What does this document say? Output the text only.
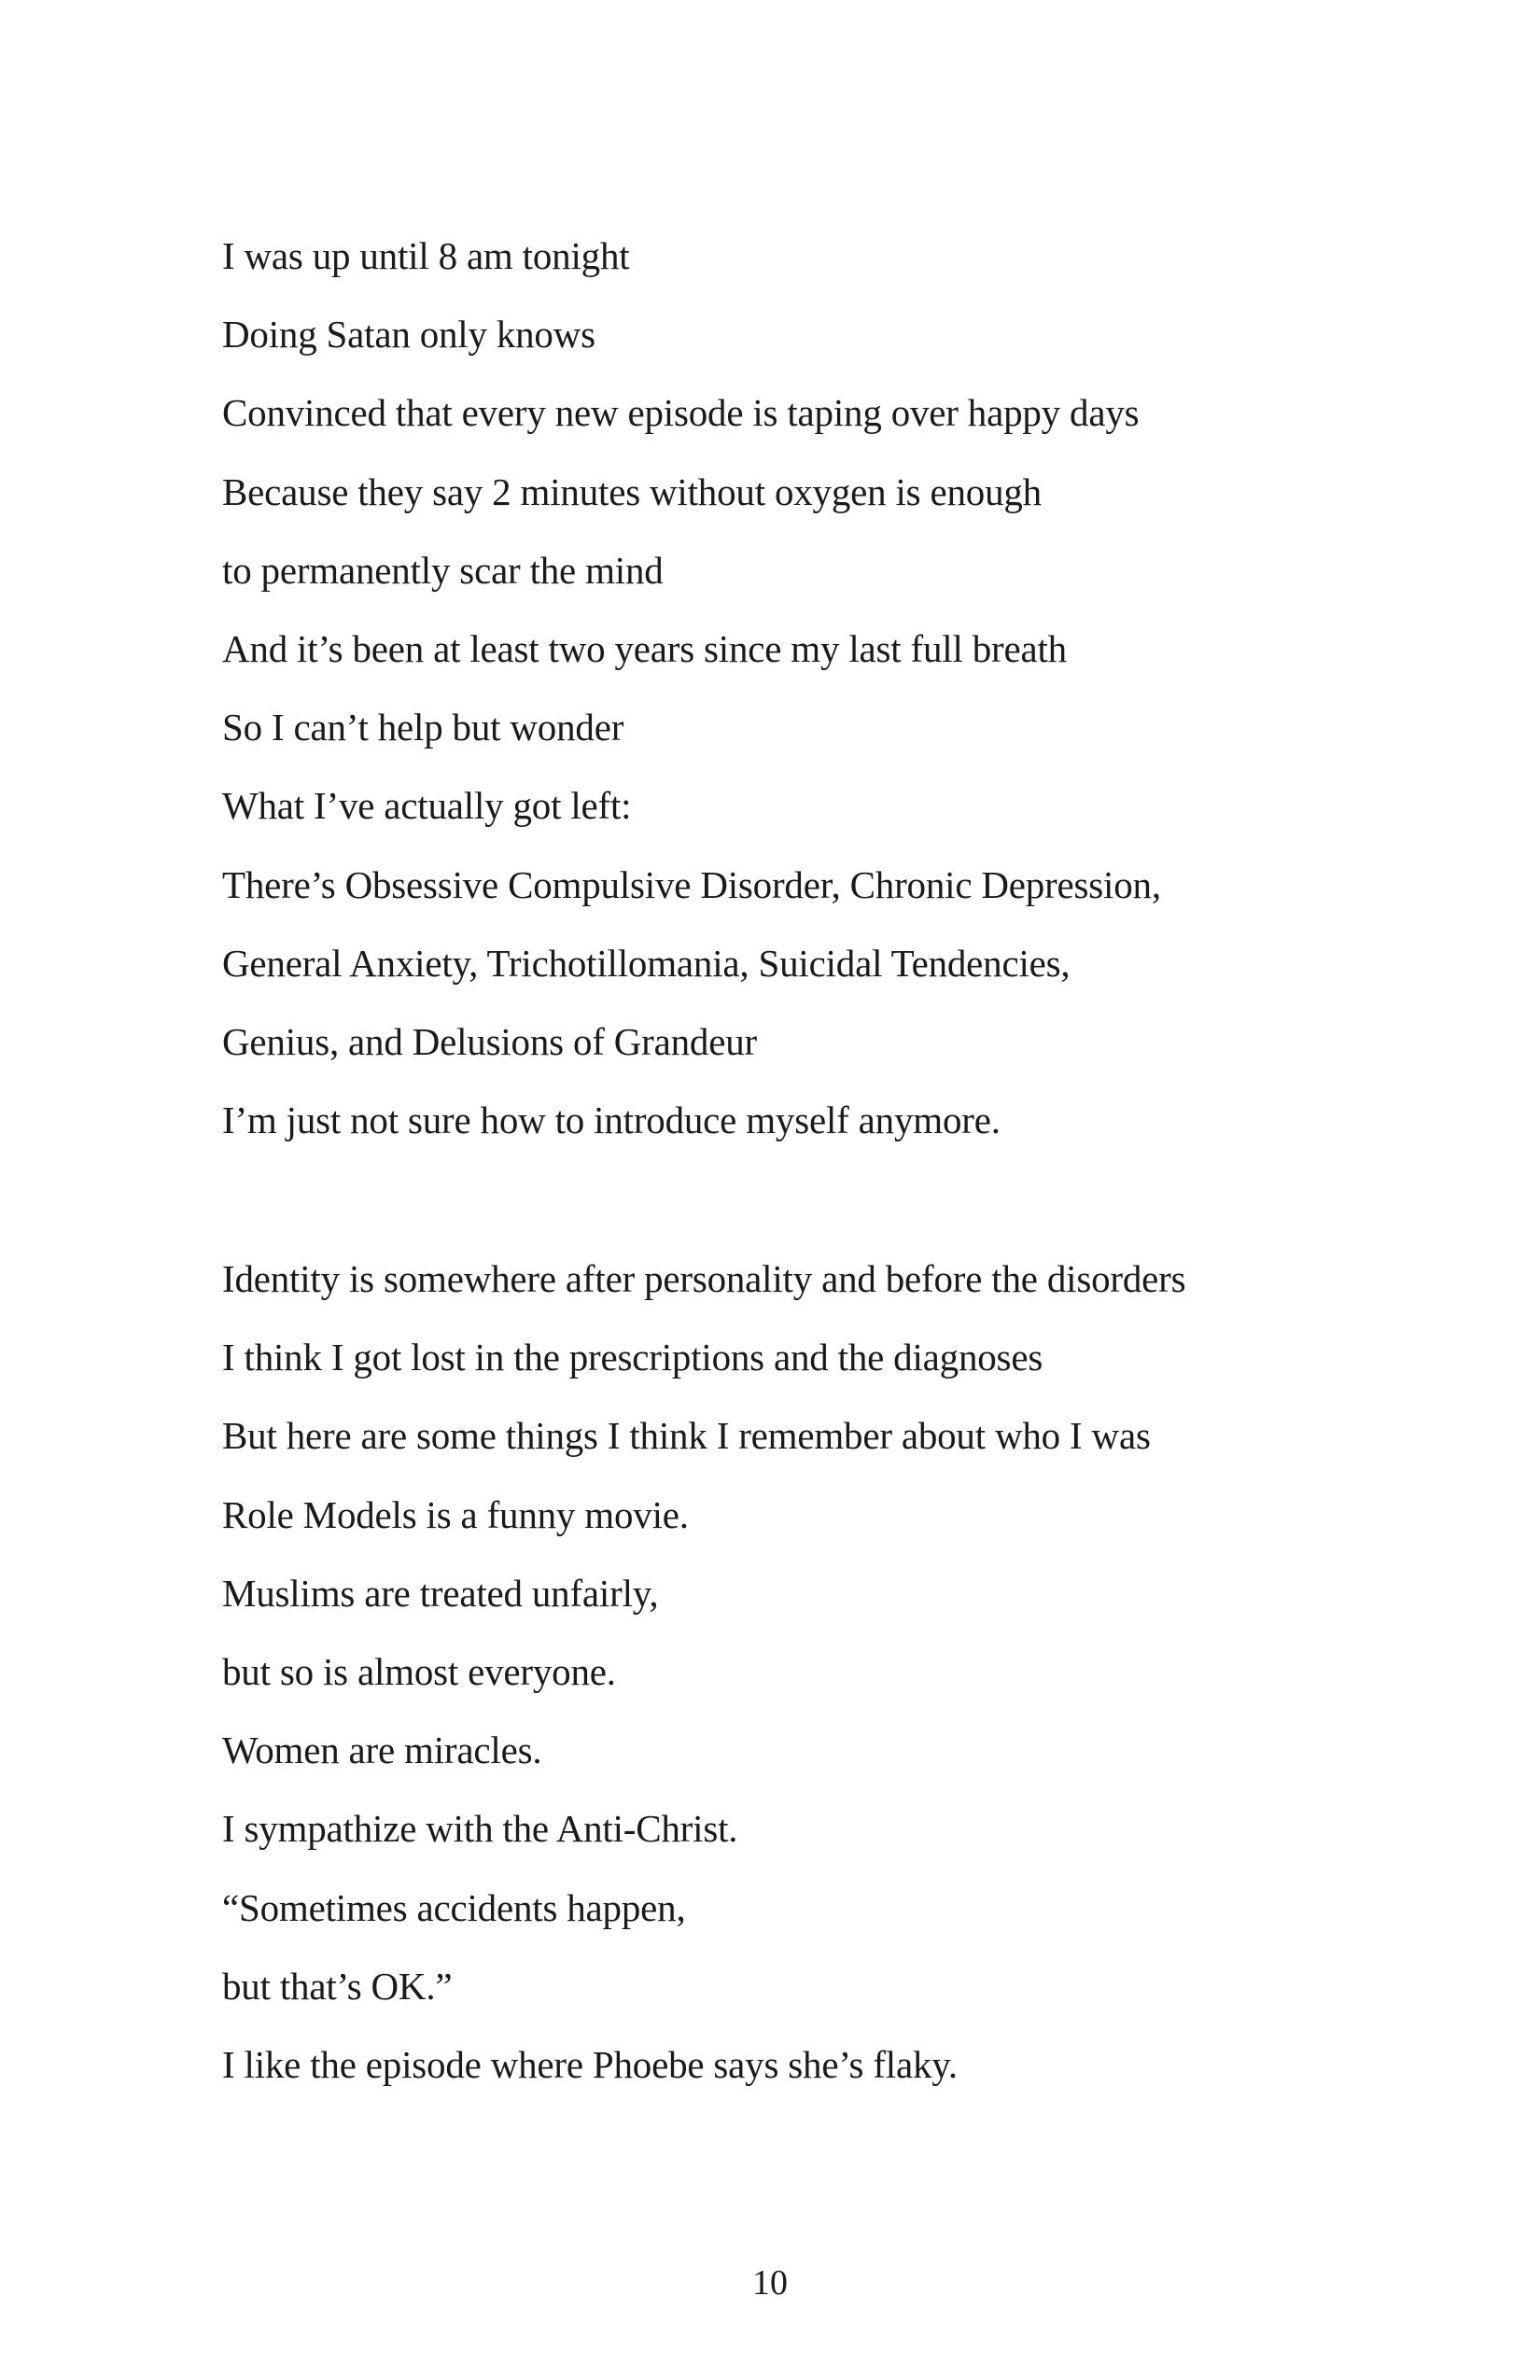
I was up until 8 am tonight
Doing Satan only knows
Convinced that every new episode is taping over happy days
Because they say 2 minutes without oxygen is enough
to permanently scar the mind
And it’s been at least two years since my last full breath
So I can’t help but wonder
What I’ve actually got left:
There’s Obsessive Compulsive Disorder, Chronic Depression,
General Anxiety, Trichotillomania, Suicidal Tendencies,
Genius, and Delusions of Grandeur
I’m just not sure how to introduce myself anymore.
Identity is somewhere after personality and before the disorders
I think I got lost in the prescriptions and the diagnoses
But here are some things I think I remember about who I was
Role Models is a funny movie.
Muslims are treated unfairly,
but so is almost everyone.
Women are miracles.
I sympathize with the Anti-Christ.
“Sometimes accidents happen,
but that’s OK.”
I like the episode where Phoebe says she’s flaky.
10
